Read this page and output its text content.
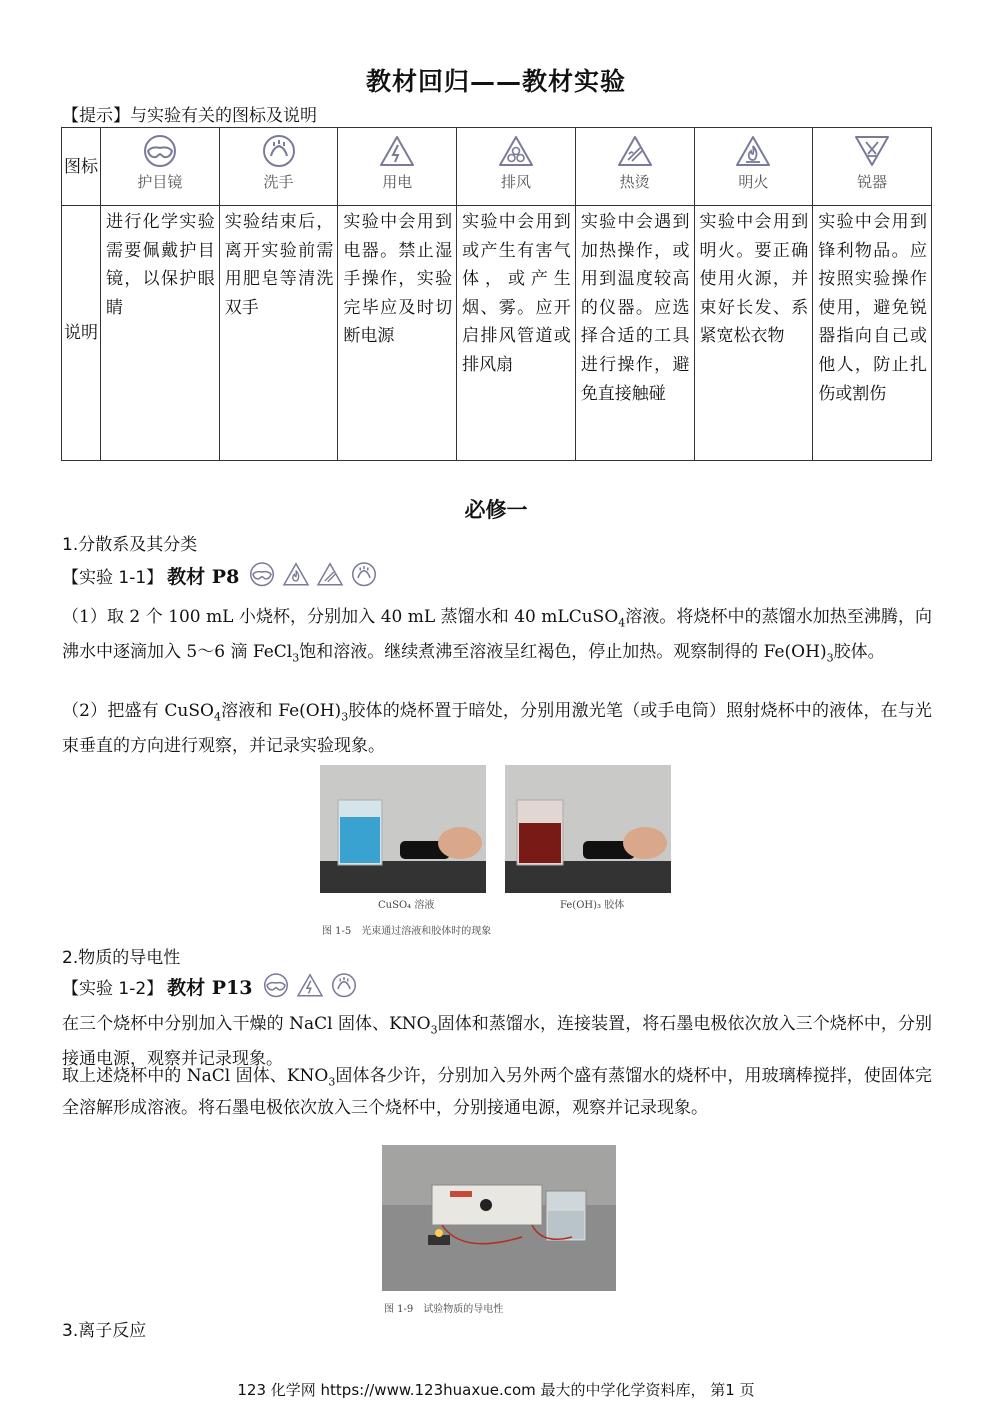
教材回归——教材实验
【提示】与实验有关的图标及说明
图标	护目镜	洗手	用电	排风	热烫	明火	锐器

说明	进行化学实验需要佩戴护目镜，以保护眼睛	实验结束后，离开实验前需用肥皂等清洗双手	实验中会用到电器。禁止湿手操作，实验完毕应及时切断电源	实验中会用到或产生有害气体，或产生烟、雾。应开启排风管道或排风扇	实验中会遇到加热操作，或用到温度较高的仪器。应选择合适的工具进行操作，避免直接触碰	实验中会用到明火。要正确使用火源，并束好长发、系紧宽松衣物	实验中会用到锋利物品。应按照实验操作使用，避免锐器指向自己或他人，防止扎伤或割伤
必修一
1.分散系及其分类
【实验 1-1】 教材 P8
（1）取 2 个 100 mL 小烧杯，分别加入 40 mL 蒸馏水和 40 mLCuSO$_4$溶液。将烧杯中的蒸馏水加热至沸腾，向沸水中逐滴加入 5～6 滴 FeCl$_3$饱和溶液。继续煮沸至溶液呈红褐色，停止加热。观察制得的 $Fe(OH)_3$胶体。
（2）把盛有 CuSO$_4$溶液和 $Fe(OH)_3$胶体的烧杯置于暗处，分别用激光笔（或手电筒）照射烧杯中的液体，在与光束垂直的方向进行观察，并记录实验现象。
CuSO₄ 溶液	Fe(OH)₃ 胶体
图 1-5　光束通过溶液和胶体时的现象
2.物质的导电性
【实验 1-2】 教材 P13
在三个烧杯中分别加入干燥的 NaCl 固体、$KNO_3$固体和蒸馏水，连接装置，将石墨电极依次放入三个烧杯中，分别接通电源，观察并记录现象。
取上述烧杯中的 NaCl 固体、$KNO_3$固体各少许，分别加入另外两个盛有蒸馏水的烧杯中，用玻璃棒搅拌，使固体完全溶解形成溶液。将石墨电极依次放入三个烧杯中，分别接通电源，观察并记录现象。
图 1-9　试验物质的导电性
3.离子反应
123 化学网 https://www.123huaxue.com 最大的中学化学资料库， 第1 页
